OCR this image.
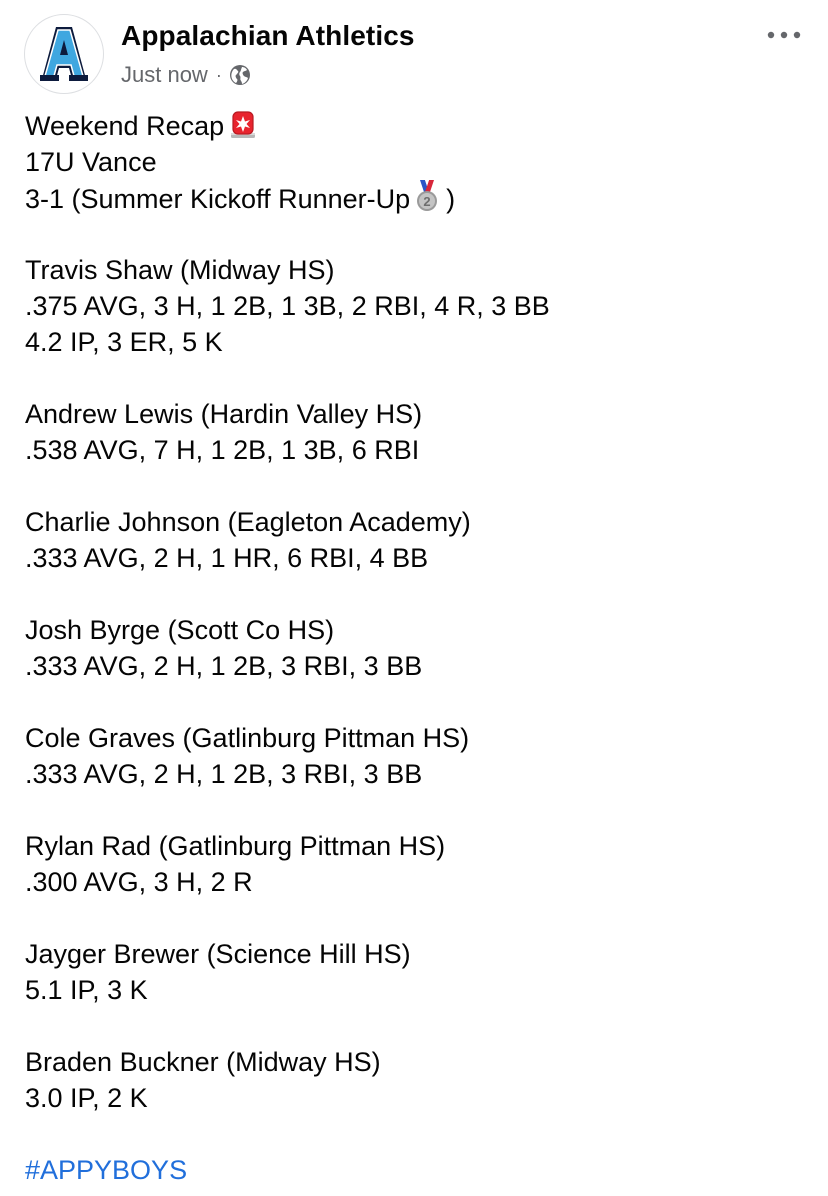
Appalachian Athletics
Just now ·
Weekend Recap
17U Vance
3-1 (Summer Kickoff Runner-Up 2 )
Travis Shaw (Midway HS)
.375 AVG, 3 H, 1 2B, 1 3B, 2 RBI, 4 R, 3 BB
4.2 IP, 3 ER, 5 K
Andrew Lewis (Hardin Valley HS)
.538 AVG, 7 H, 1 2B, 1 3B, 6 RBI
Charlie Johnson (Eagleton Academy)
.333 AVG, 2 H, 1 HR, 6 RBI, 4 BB
Josh Byrge (Scott Co HS)
.333 AVG, 2 H, 1 2B, 3 RBI, 3 BB
Cole Graves (Gatlinburg Pittman HS)
.333 AVG, 2 H, 1 2B, 3 RBI, 3 BB
Rylan Rad (Gatlinburg Pittman HS)
.300 AVG, 3 H, 2 R
Jayger Brewer (Science Hill HS)
5.1 IP, 3 K
Braden Buckner (Midway HS)
3.0 IP, 2 K
#APPYBOYS
